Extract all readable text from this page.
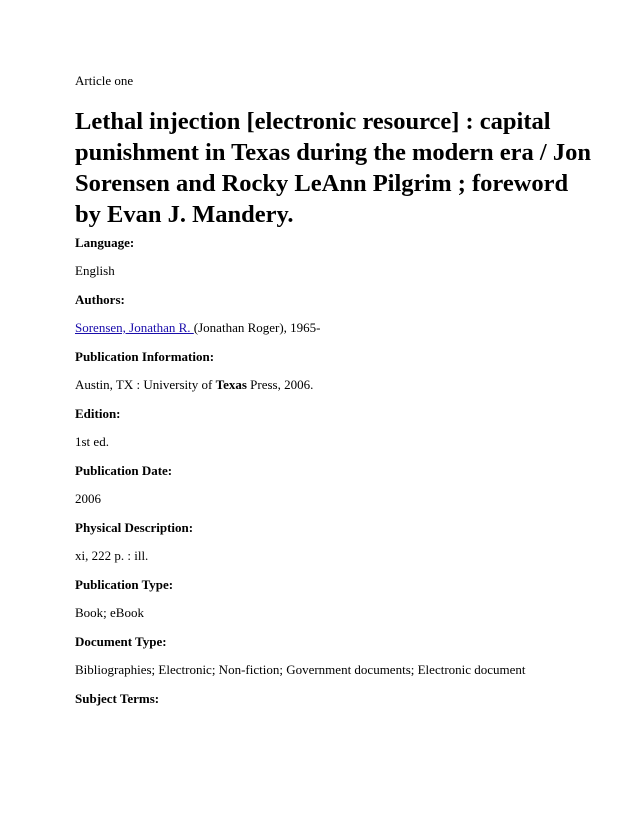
Article one
Lethal injection [electronic resource] : capital punishment in Texas during the modern era / Jon Sorensen and Rocky LeAnn Pilgrim ; foreword by Evan J. Mandery.
Language:
English
Authors:
Sorensen, Jonathan R. (Jonathan Roger), 1965-
Publication Information:
Austin, TX : University of Texas Press, 2006.
Edition:
1st ed.
Publication Date:
2006
Physical Description:
xi, 222 p. : ill.
Publication Type:
Book; eBook
Document Type:
Bibliographies; Electronic; Non-fiction; Government documents; Electronic document
Subject Terms:
